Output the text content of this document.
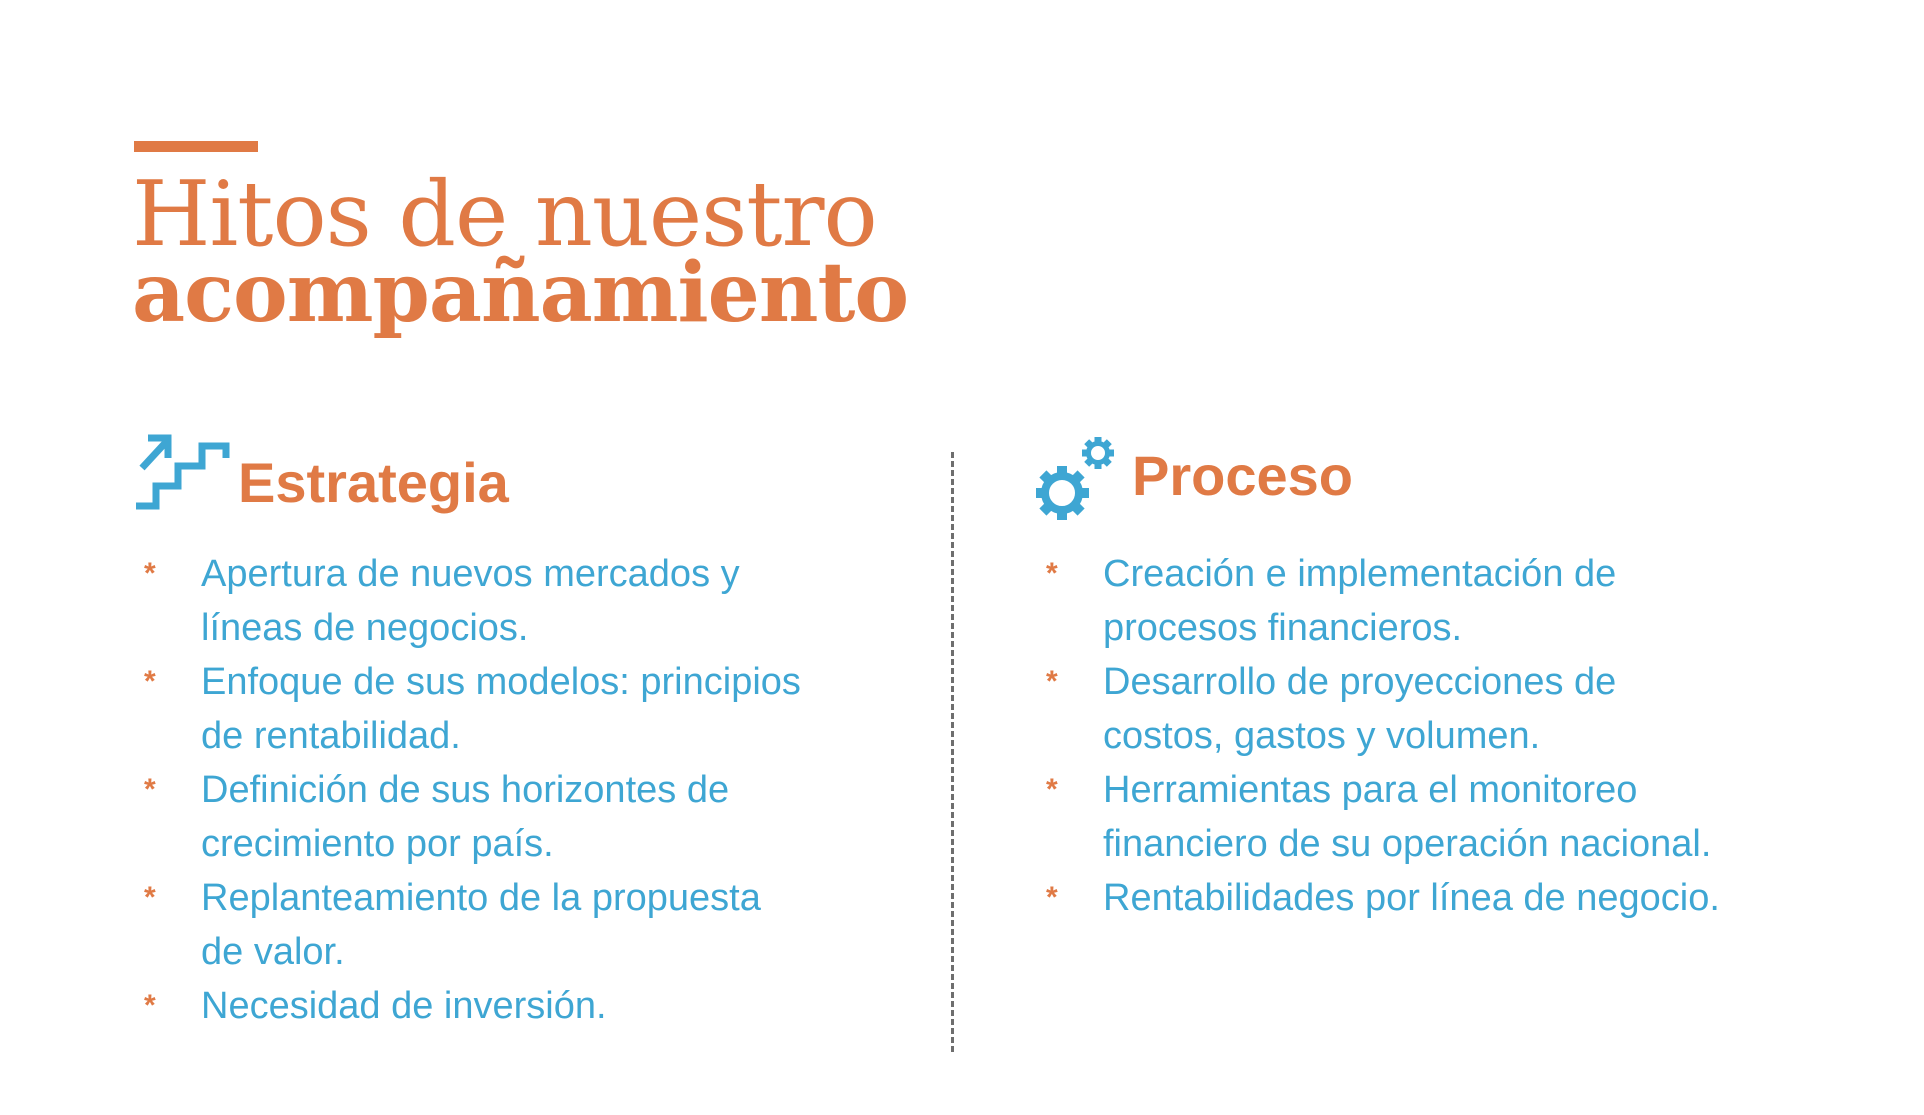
Hitos de nuestro
acompañamiento
Estrategia
* Apertura de nuevos mercados y
líneas de negocios.
* Enfoque de sus modelos: principios
de rentabilidad.
* Definición de sus horizontes de
crecimiento por país.
* Replanteamiento de la propuesta
de valor.
* Necesidad de inversión.
Proceso
* Creación e implementación de
procesos financieros.
* Desarrollo de proyecciones de
costos, gastos y volumen.
* Herramientas para el monitoreo
financiero de su operación nacional.
* Rentabilidades por línea de negocio.
